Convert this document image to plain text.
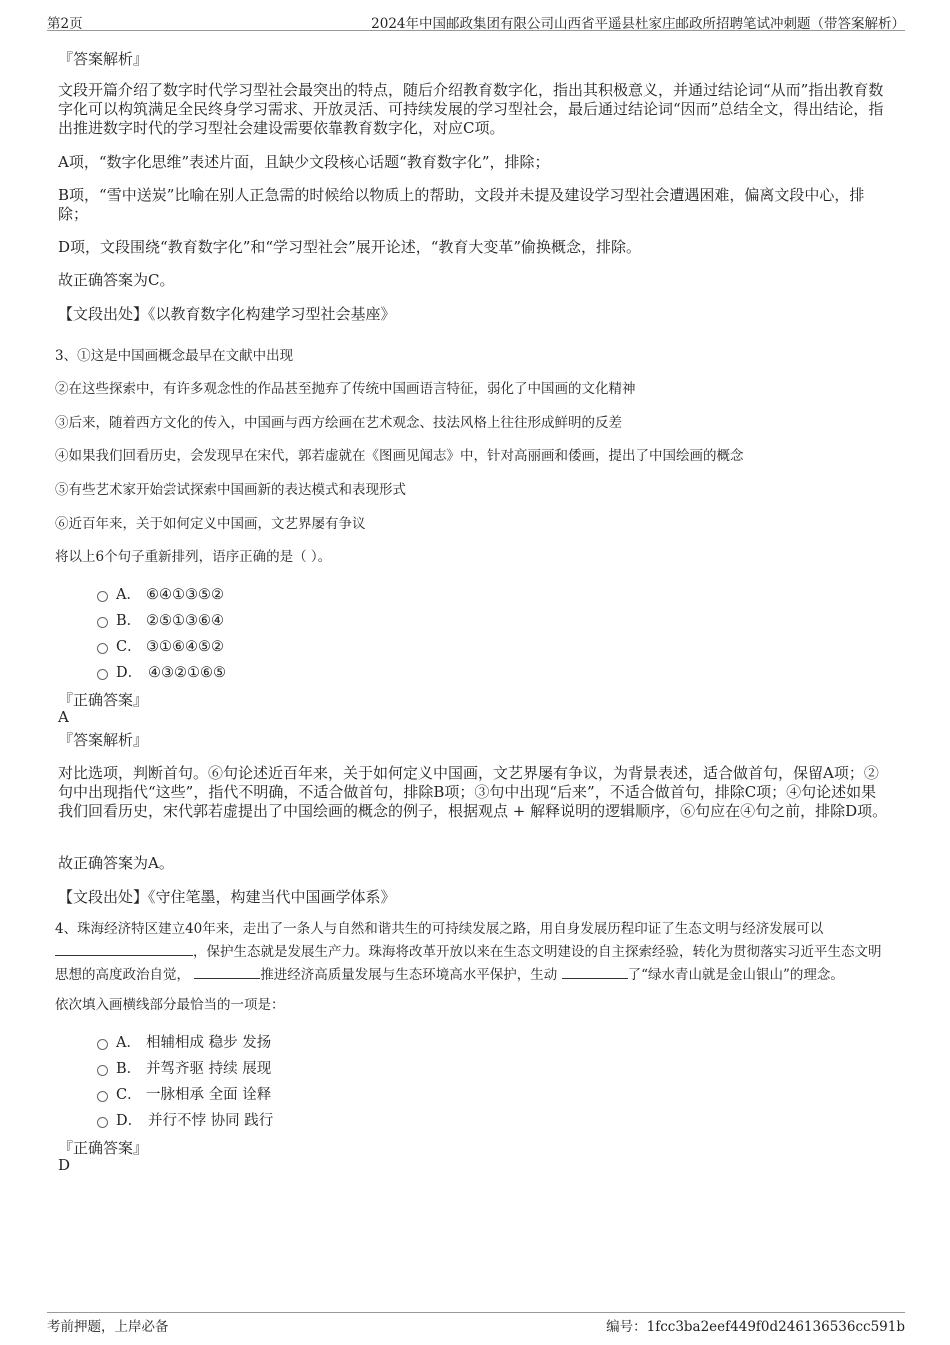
第2页	2024年中国邮政集团有限公司山西省平遥县杜家庄邮政所招聘笔试冲刺题（带答案解析）
『答案解析』
文段开篇介绍了数字时代学习型社会最突出的特点，随后介绍教育数字化，指出其积极意义，并通过结论词“从而”指出教育数字化可以构筑满足全民终身学习需求、开放灵活、可持续发展的学习型社会，最后通过结论词“因而”总结全文，得出结论，指出推进数字时代的学习型社会建设需要依靠教育数字化，对应C项。
A项，“数字化思维”表述片面，且缺少文段核心话题“教育数字化”，排除；
B项，“雪中送炭”比喻在别人正急需的时候给以物质上的帮助，文段并未提及建设学习型社会遭遇困难，偏离文段中心，排除；
D项，文段围绕“教育数字化”和“学习型社会”展开论述，“教育大变革”偷换概念，排除。
故正确答案为C。
【文段出处】《以教育数字化构建学习型社会基座》
3、①这是中国画概念最早在文献中出现
②在这些探索中，有许多观念性的作品甚至抛弃了传统中国画语言特征，弱化了中国画的文化精神
③后来，随着西方文化的传入，中国画与西方绘画在艺术观念、技法风格上往往形成鲜明的反差
④如果我们回看历史，会发现早在宋代，郭若虚就在《图画见闻志》中，针对高丽画和倭画，提出了中国绘画的概念
⑤有些艺术家开始尝试探索中国画新的表达模式和表现形式
⑥近百年来，关于如何定义中国画，文艺界屡有争议
将以上6个句子重新排列，语序正确的是（ ）。
A． ⑥④①③⑤②
B． ②⑤①③⑥④
C． ③①⑥④⑤②
D． ④③②①⑥⑤
『正确答案』
A
『答案解析』
对比选项，判断首句。⑥句论述近百年来，关于如何定义中国画，文艺界屡有争议，为背景表述，适合做首句，保留A项；②句中出现指代“这些”，指代不明确，不适合做首句，排除B项；③句中出现“后来”，不适合做首句，排除C项；④句论述如果我们回看历史，宋代郭若虚提出了中国绘画的概念的例子，根据观点 + 解释说明的逻辑顺序，⑥句应在④句之前，排除D项。
故正确答案为A。
【文段出处】《守住笔墨，构建当代中国画学体系》
4、珠海经济特区建立40年来，走出了一条人与自然和谐共生的可持续发展之路，用自身发展历程印证了生态文明与经济发展可以，保护生态就是发展生产力。珠海将改革开放以来在生态文明建设的自主探索经验，转化为贯彻落实习近平生态文明思想的高度政治自觉，	推进经济高质量发展与生态环境高水平保护，生动	了“绿水青山就是金山银山”的理念。
依次填入画横线部分最恰当的一项是：
A． 相辅相成 稳步 发扬
B． 并驾齐驱 持续 展现
C． 一脉相承 全面 诠释
D． 并行不悖 协同 践行
『正确答案』
D
考前押题，上岸必备	编号：1fcc3ba2eef449f0d246136536cc591b
